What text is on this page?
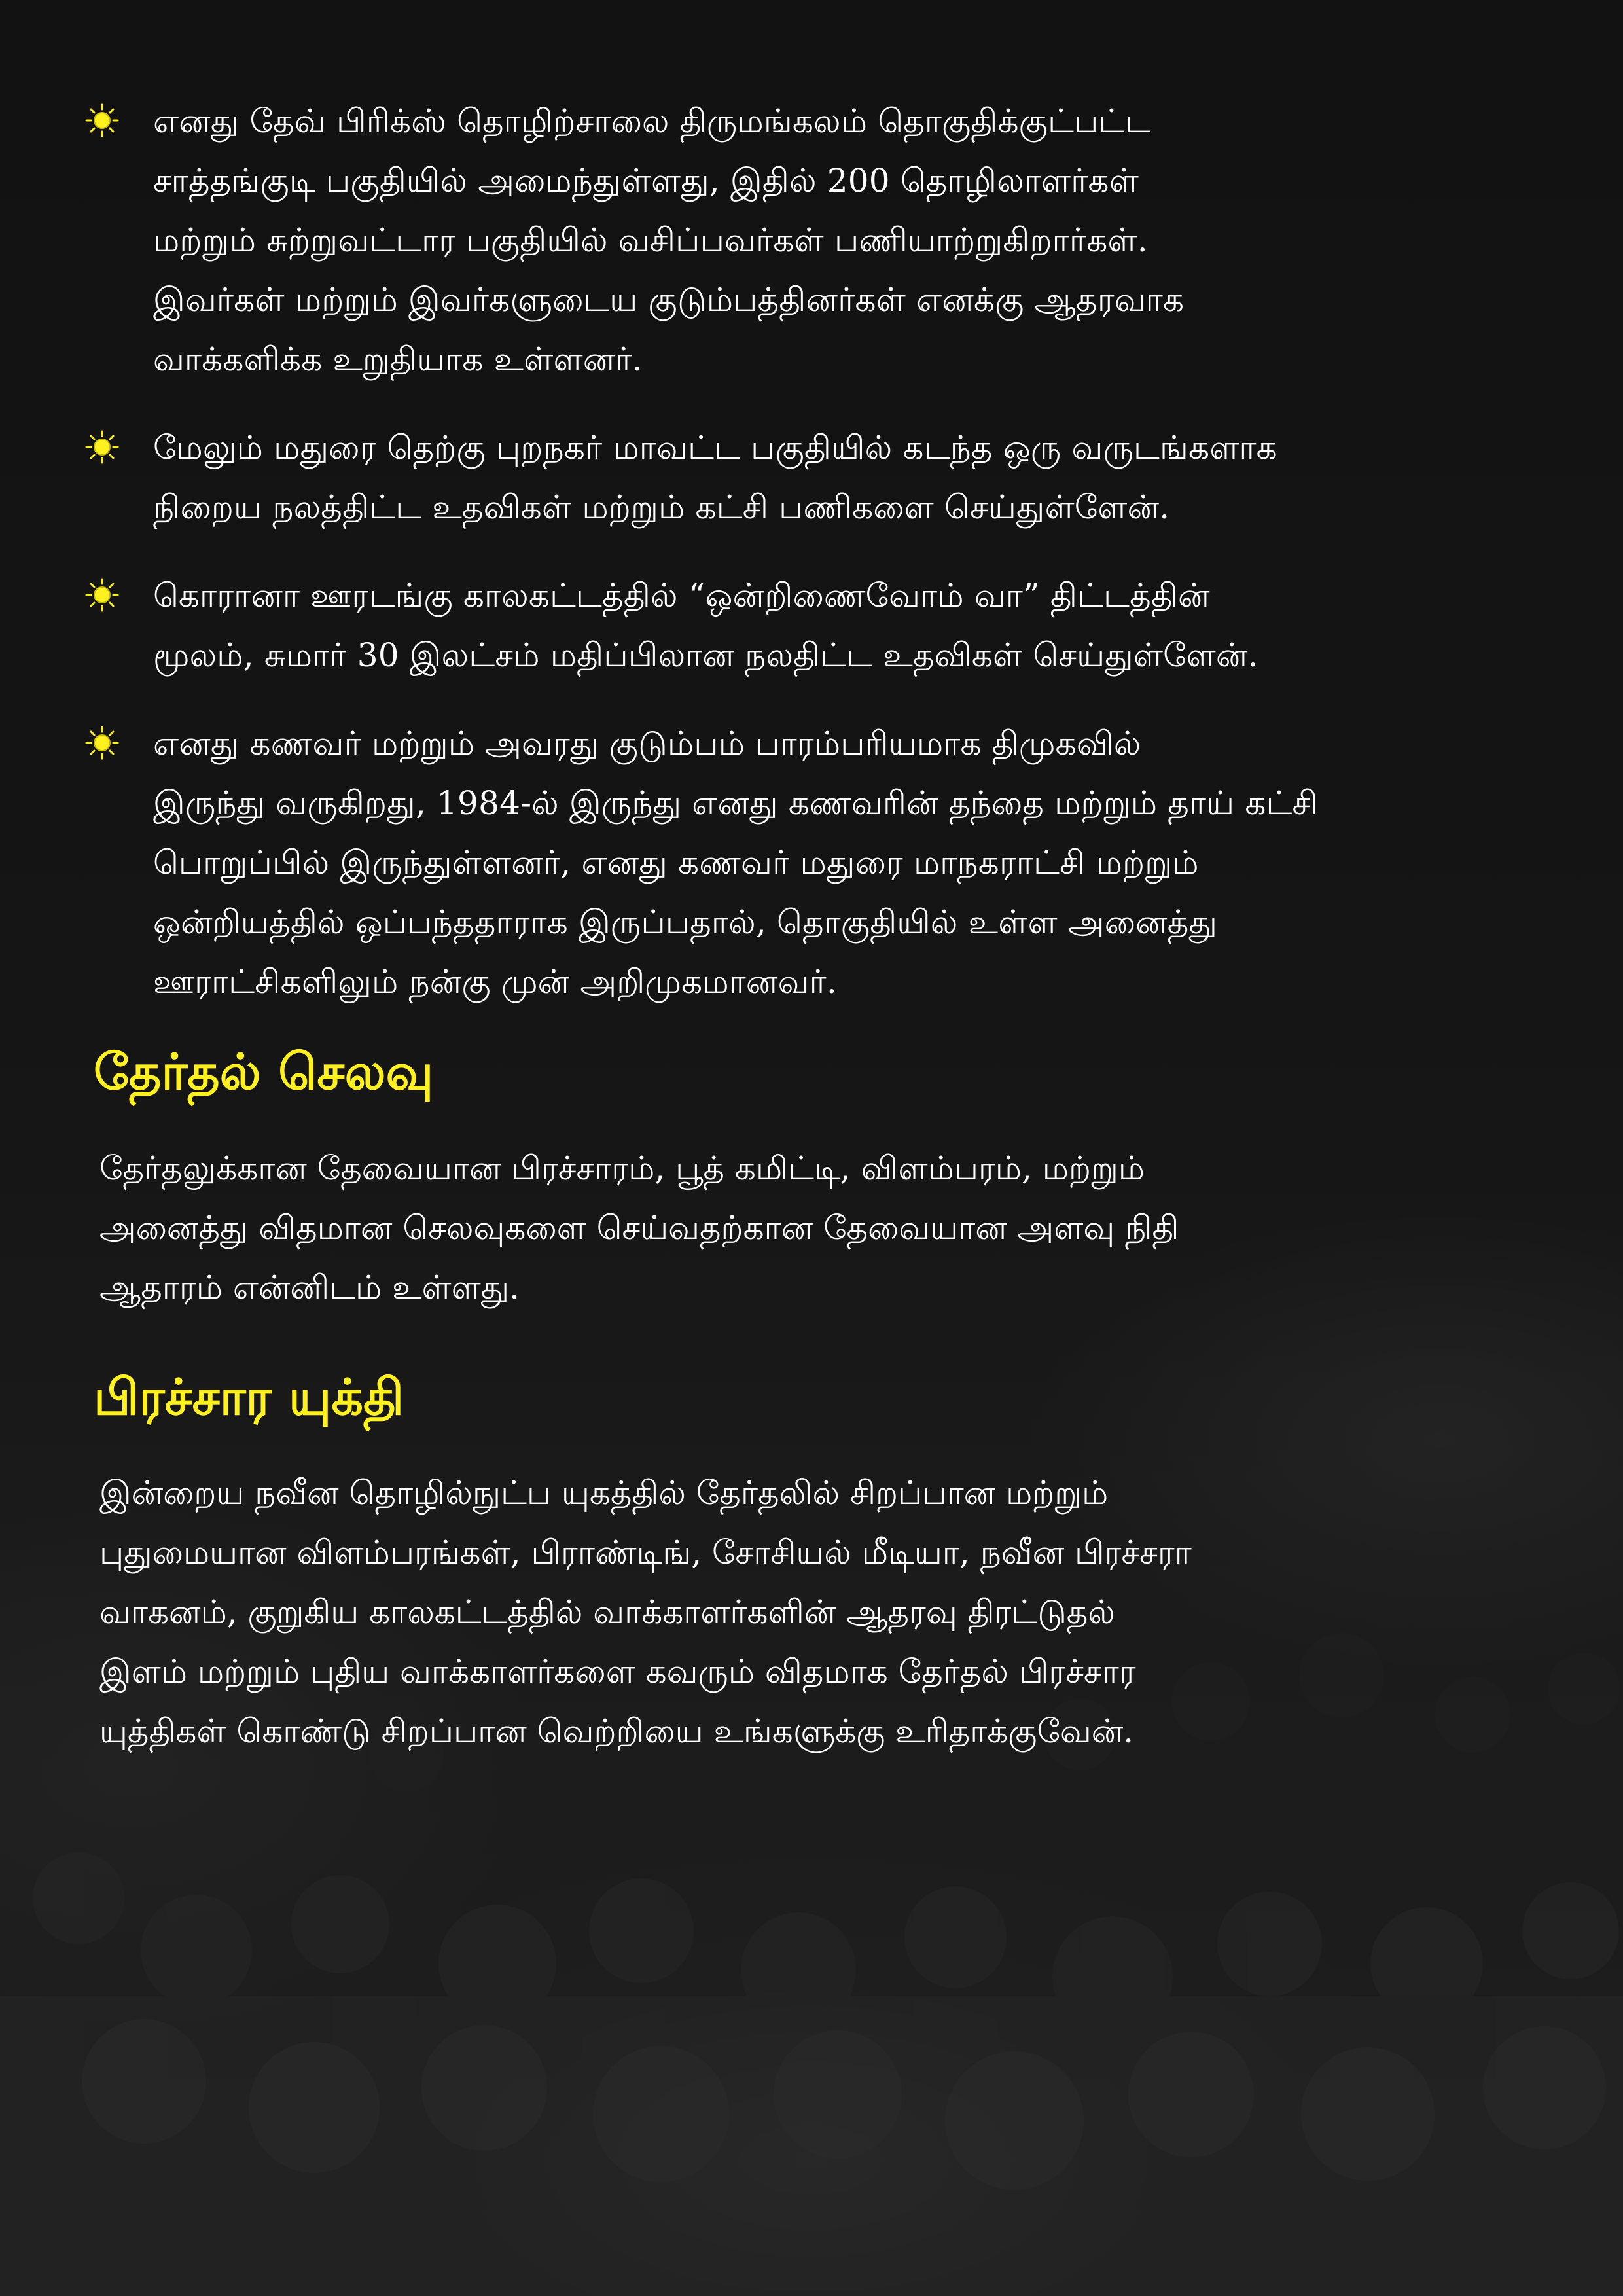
எனது தேவ் பிரிக்ஸ் தொழிற்சாலை திருமங்கலம் தொகுதிக்குட்பட்ட
சாத்தங்குடி பகுதியில் அமைந்துள்ளது, இதில் 200 தொழிலாளர்கள்
மற்றும் சுற்றுவட்டார பகுதியில் வசிப்பவர்கள் பணியாற்றுகிறார்கள்.
இவர்கள் மற்றும் இவர்களுடைய குடும்பத்தினர்கள் எனக்கு ஆதரவாக
வாக்களிக்க உறுதியாக உள்ளனர்.
மேலும் மதுரை தெற்கு புறநகர் மாவட்ட பகுதியில் கடந்த ஒரு வருடங்களாக
நிறைய நலத்திட்ட உதவிகள் மற்றும் கட்சி பணிகளை செய்துள்ளேன்.
கொரானா ஊரடங்கு காலகட்டத்தில் “ஒன்றிணைவோம் வா” திட்டத்தின்
மூலம், சுமார் 30 இலட்சம் மதிப்பிலான நலதிட்ட உதவிகள் செய்துள்ளேன்.
எனது கணவர் மற்றும் அவரது குடும்பம் பாரம்பரியமாக திமுகவில்
இருந்து வருகிறது, 1984-ல் இருந்து எனது கணவரின் தந்தை மற்றும் தாய் கட்சி
பொறுப்பில் இருந்துள்ளனர், எனது கணவர் மதுரை மாநகராட்சி மற்றும்
ஒன்றியத்தில் ஒப்பந்ததாராக இருப்பதால், தொகுதியில் உள்ள அனைத்து
ஊராட்சிகளிலும் நன்கு முன் அறிமுகமானவர்.
தேர்தல் செலவு
தேர்தலுக்கான தேவையான பிரச்சாரம், பூத் கமிட்டி, விளம்பரம், மற்றும்
அனைத்து விதமான செலவுகளை செய்வதற்கான தேவையான அளவு நிதி
ஆதாரம் என்னிடம் உள்ளது.
பிரச்சார யுக்தி
இன்றைய நவீன தொழில்நுட்ப யுகத்தில் தேர்தலில் சிறப்பான மற்றும்
புதுமையான விளம்பரங்கள், பிராண்டிங், சோசியல் மீடியா, நவீன பிரச்சரா
வாகனம், குறுகிய காலகட்டத்தில் வாக்காளர்களின் ஆதரவு திரட்டுதல்
இளம் மற்றும் புதிய வாக்காளர்களை கவரும் விதமாக தேர்தல் பிரச்சார
யுத்திகள் கொண்டு சிறப்பான வெற்றியை உங்களுக்கு உரிதாக்குவேன்.
